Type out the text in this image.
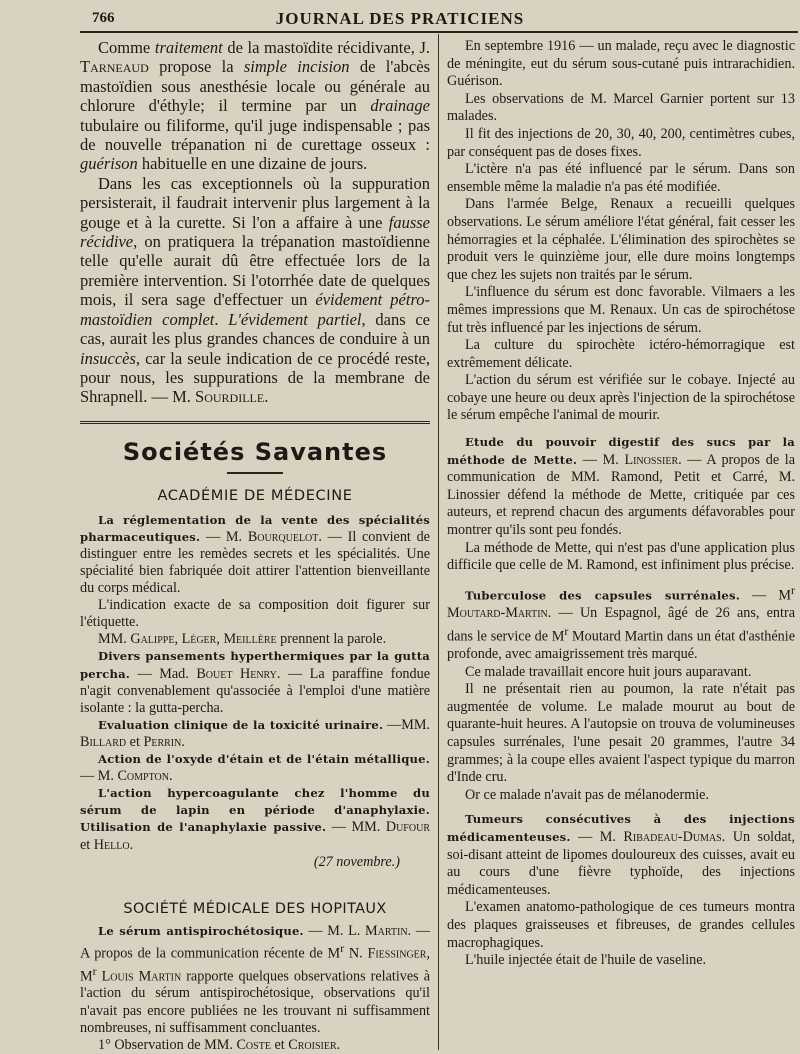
766	JOURNAL DES PRATICIENS

Comme traitement de la mastoïdite récidivante, J. Tarneaud propose la simple incision de l'abcès mastoïdien sous anesthésie locale ou générale au chlorure d'éthyle; il termine par un drainage tubulaire ou filiforme, qu'il juge indispensable ; pas de nouvelle trépanation ni de curettage osseux : guérison habituelle en une dizaine de jours.

Dans les cas exceptionnels où la suppuration persisterait, il faudrait intervenir plus largement à la gouge et à la curette. Si l'on a affaire à une fausse récidive, on pratiquera la trépanation mastoïdienne telle qu'elle aurait dû être effectuée lors de la première intervention. Si l'otorrhée date de quelques mois, il sera sage d'effectuer un évidement pétro-mastoïdien complet. L'évidement partiel, dans ce cas, aurait les plus grandes chances de conduire à un insuccès, car la seule indication de ce procédé reste, pour nous, les suppurations de la membrane de Shrapnell. — M. Sourdille.

Sociétés Savantes
ACADÉMIE DE MÉDECINE

La réglementation de la vente des spécialités pharmaceutiques. — M. Bourquelot. — Il convient de distinguer entre les remèdes secrets et les spécialités. Une spécialité bien fabriquée doit attirer l'attention bienveillante du corps médical.

L'indication exacte de sa composition doit figurer sur l'étiquette.

MM. Galippe, Léger, Meillère prennent la parole.

Divers pansements hyperthermiques par la gutta percha. — Mad. Bouet Henry. — La paraffine fondue n'agit convenablement qu'associée à l'emploi d'une matière isolante : la gutta-percha.

Evaluation clinique de la toxicité urinaire. —MM. Billard et Perrin.

Action de l'oxyde d'étain et de l'étain métallique. — M. Compton.

L'action hypercoagulante chez l'homme du sérum de lapin en période d'anaphylaxie. Utilisation de l'anaphylaxie passive. — MM. Dufour et Hello.

(27 novembre.)

SOCIÉTÉ MÉDICALE DES HOPITAUX

Le sérum antispirochétosique. — M. L. Martin. — A propos de la communication récente de $M^r$ N. Fiessinger, $M^r$ Louis Martin rapporte quelques observations relatives à l'action du sérum antispirochétosique, observations qu'il n'avait pas encore publiées ne les trouvant ni suffisamment nombreuses, ni suffisamment concluantes.

1° Observation de MM. Coste et Croisier.

En septembre 1916 — un malade, reçu avec le diagnostic de méningite, eut du sérum sous-cutané puis intrarachidien. Guérison.

Les observations de M. Marcel Garnier portent sur 13 malades.

Il fit des injections de 20, 30, 40, 200, centimètres cubes, par conséquent pas de doses fixes.

L'ictère n'a pas été influencé par le sérum. Dans son ensemble même la maladie n'a pas été modifiée.

Dans l'armée Belge, Renaux a recueilli quelques observations. Le sérum améliore l'état général, fait cesser les hémorragies et la céphalée. L'élimination des spirochètes se produit vers le quinzième jour, elle dure moins longtemps que chez les sujets non traités par le sérum.

L'influence du sérum est donc favorable. Vilmaers a les mêmes impressions que M. Renaux. Un cas de spirochétose fut très influencé par les injections de sérum.

La culture du spirochète ictéro-hémorragique est extrêmement délicate.

L'action du sérum est vérifiée sur le cobaye. Injecté au cobaye une heure ou deux après l'injection de la spirochétose le sérum empêche l'animal de mourir.

Etude du pouvoir digestif des sucs par la méthode de Mette. — M. Linossier. — A propos de la communication de MM. Ramond, Petit et Carré, M. Linossier défend la méthode de Mette, critiquée par ces auteurs, et reprend chacun des arguments défavorables pour montrer qu'ils sont peu fondés.

La méthode de Mette, qui n'est pas d'une application plus difficile que celle de M. Ramond, est infiniment plus précise.

Tuberculose des capsules surrénales. — $M^r$ Moutard-Martin. — Un Espagnol, âgé de 26 ans, entra dans le service de $M^r$ Moutard Martin dans un état d'asthénie profonde, avec amaigrissement très marqué.

Ce malade travaillait encore huit jours auparavant.

Il ne présentait rien au poumon, la rate n'était pas augmentée de volume. Le malade mourut au bout de quarante-huit heures. A l'autopsie on trouva de volumineuses capsules surrénales, l'une pesait 20 grammes, l'autre 34 grammes; à la coupe elles avaient l'aspect typique du marron d'Inde cru.

Or ce malade n'avait pas de mélanodermie.

Tumeurs consécutives à des injections médicamenteuses. — M. Ribadeau-Dumas. Un soldat, soi-disant atteint de lipomes douloureux des cuisses, avait eu au cours d'une fièvre typhoïde, des injections médicamenteuses.

L'examen anatomo-pathologique de ces tumeurs montra des plaques graisseuses et fibreuses, de grandes cellules macrophagiques.

L'huile injectée était de l'huile de vaseline.
